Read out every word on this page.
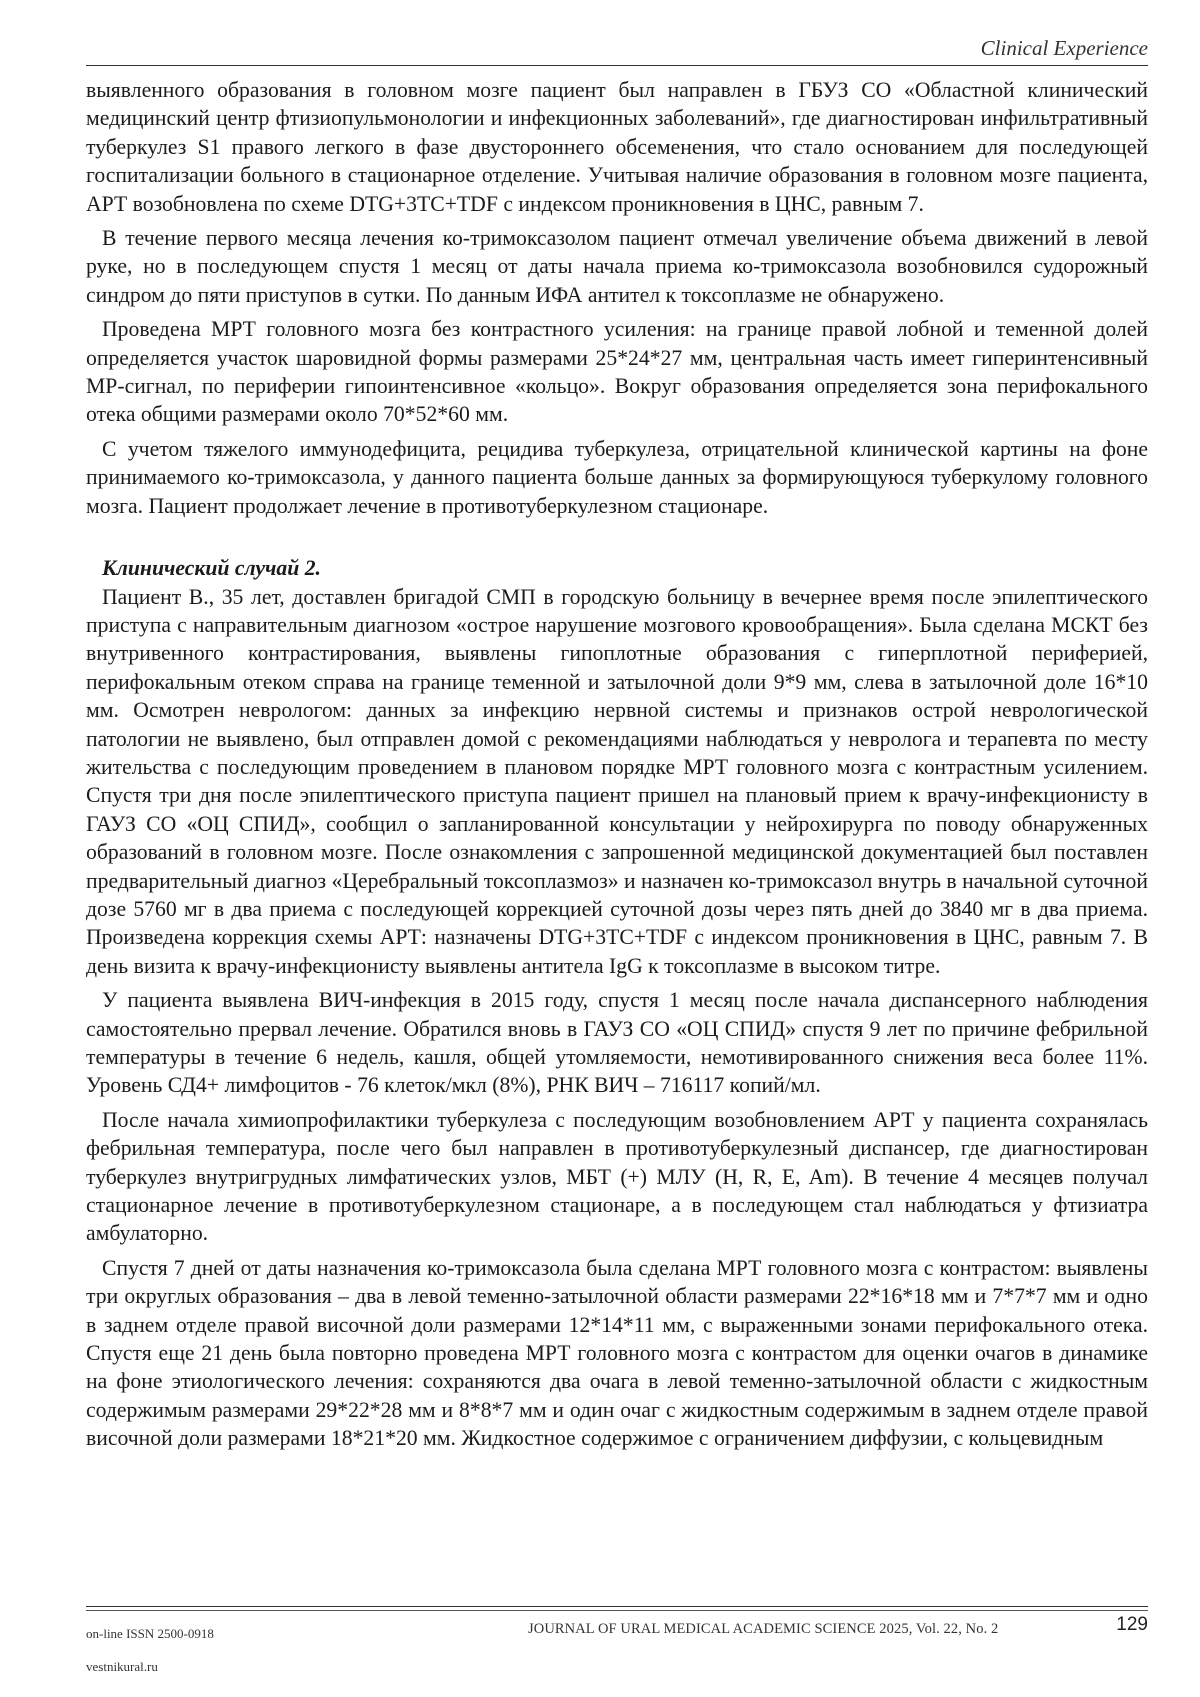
Clinical Experience

выявленного образования в головном мозге пациент был направлен в ГБУЗ СО «Областной клинический медицинский центр фтизиопульмонологии и инфекционных заболеваний», где диагностирован инфильтративный туберкулез S1 правого легкого в фазе двустороннего обсеменения, что стало основанием для последующей госпитализации больного в стационарное отделение. Учитывая наличие образования в головном мозге пациента, АРТ возобновлена по схеме DTG+3TC+TDF с индексом проникновения в ЦНС, равным 7.

В течение первого месяца лечения ко-тримоксазолом пациент отмечал увеличение объема движений в левой руке, но в последующем спустя 1 месяц от даты начала приема ко-тримоксазола возобновился судорожный синдром до пяти приступов в сутки. По данным ИФА антител к токсоплазме не обнаружено.

Проведена МРТ головного мозга без контрастного усиления: на границе правой лобной и теменной долей определяется участок шаровидной формы размерами 25*24*27 мм, центральная часть имеет гиперинтенсивный МР-сигнал, по периферии гипоинтенсивное «кольцо». Вокруг образования определяется зона перифокального отека общими размерами около 70*52*60 мм.

С учетом тяжелого иммунодефицита, рецидива туберкулеза, отрицательной клинической картины на фоне принимаемого ко-тримоксазола, у данного пациента больше данных за формирующуюся туберкулому головного мозга. Пациент продолжает лечение в противотуберкулезном стационаре.

Клинический случай 2.

Пациент В., 35 лет, доставлен бригадой СМП в городскую больницу в вечернее время после эпилептического приступа с направительным диагнозом «острое нарушение мозгового кровообращения». Была сделана МСКТ без внутривенного контрастирования, выявлены гипоплотные образования с гиперплотной периферией, перифокальным отеком справа на границе теменной и затылочной доли 9*9 мм, слева в затылочной доле 16*10 мм. Осмотрен неврологом: данных за инфекцию нервной системы и признаков острой неврологической патологии не выявлено, был отправлен домой с рекомендациями наблюдаться у невролога и терапевта по месту жительства с последующим проведением в плановом порядке МРТ головного мозга с контрастным усилением. Спустя три дня после эпилептического приступа пациент пришел на плановый прием к врачу-инфекционисту в ГАУЗ СО «ОЦ СПИД», сообщил о запланированной консультации у нейрохирурга по поводу обнаруженных образований в головном мозге. После ознакомления с запрошенной медицинской документацией был поставлен предварительный диагноз «Церебральный токсоплазмоз» и назначен ко-тримоксазол внутрь в начальной суточной дозе 5760 мг в два приема с последующей коррекцией суточной дозы через пять дней до 3840 мг в два приема. Произведена коррекция схемы АРТ: назначены DTG+3TC+TDF с индексом проникновения в ЦНС, равным 7. В день визита к врачу-инфекционисту выявлены антитела IgG к токсоплазме в высоком титре.

У пациента выявлена ВИЧ-инфекция в 2015 году, спустя 1 месяц после начала диспансерного наблюдения самостоятельно прервал лечение. Обратился вновь в ГАУЗ СО «ОЦ СПИД» спустя 9 лет по причине фебрильной температуры в течение 6 недель, кашля, общей утомляемости, немотивированного снижения веса более 11%. Уровень СД4+ лимфоцитов - 76 клеток/мкл (8%), РНК ВИЧ – 716117 копий/мл.

После начала химиопрофилактики туберкулеза с последующим возобновлением АРТ у пациента сохранялась фебрильная температура, после чего был направлен в противотуберкулезный диспансер, где диагностирован туберкулез внутригрудных лимфатических узлов, МБТ (+) МЛУ (H, R, E, Am). В течение 4 месяцев получал стационарное лечение в противотуберкулезном стационаре, а в последующем стал наблюдаться у фтизиатра амбулаторно.

Спустя 7 дней от даты назначения ко-тримоксазола была сделана МРТ головного мозга с контрастом: выявлены три округлых образования – два в левой теменно-затылочной области размерами 22*16*18 мм и 7*7*7 мм и одно в заднем отделе правой височной доли размерами 12*14*11 мм, с выраженными зонами перифокального отека. Спустя еще 21 день была повторно проведена МРТ головного мозга с контрастом для оценки очагов в динамике на фоне этиологического лечения: сохраняются два очага в левой теменно-затылочной области с жидкостным содержимым размерами 29*22*28 мм и 8*8*7 мм и один очаг с жидкостным содержимым в заднем отделе правой височной доли размерами 18*21*20 мм. Жидкостное содержимое с ограничением диффузии, с кольцевидным

on-line ISSN 2500-0918	JOURNAL OF URAL MEDICAL ACADEMIC SCIENCE 2025, Vol. 22, No. 2	129
vestnikural.ru
